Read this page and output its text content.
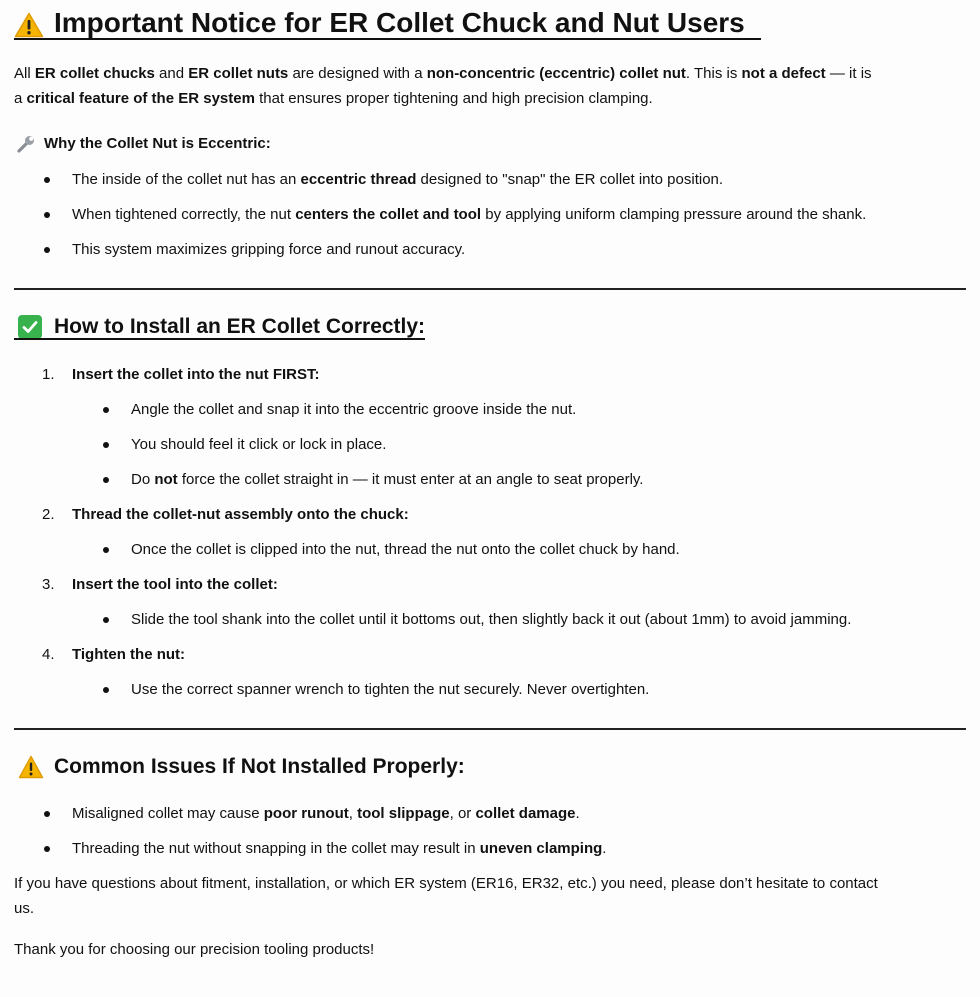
Important Notice for ER Collet Chuck and Nut Users

All ER collet chucks and ER collet nuts are designed with a non-concentric (eccentric) collet nut. This is not a defect — it is

a critical feature of the ER system that ensures proper tightening and high precision clamping.

Why the Collet Nut is Eccentric:
The inside of the collet nut has an eccentric thread designed to "snap" the ER collet into position.
When tightened correctly, the nut centers the collet and tool by applying uniform clamping pressure around the shank.
This system maximizes gripping force and runout accuracy.
How to Install an ER Collet Correctly:
1. Insert the collet into the nut FIRST:
Angle the collet and snap it into the eccentric groove inside the nut.
You should feel it click or lock in place.
Do not force the collet straight in — it must enter at an angle to seat properly.
2. Thread the collet-nut assembly onto the chuck:
Once the collet is clipped into the nut, thread the nut onto the collet chuck by hand.
3. Insert the tool into the collet:
Slide the tool shank into the collet until it bottoms out, then slightly back it out (about 1mm) to avoid jamming.
4. Tighten the nut:
Use the correct spanner wrench to tighten the nut securely. Never overtighten.
Common Issues If Not Installed Properly:
Misaligned collet may cause poor runout, tool slippage, or collet damage.
Threading the nut without snapping in the collet may result in uneven clamping.

If you have questions about fitment, installation, or which ER system (ER16, ER32, etc.) you need, please don’t hesitate to contact

us.

Thank you for choosing our precision tooling products!
